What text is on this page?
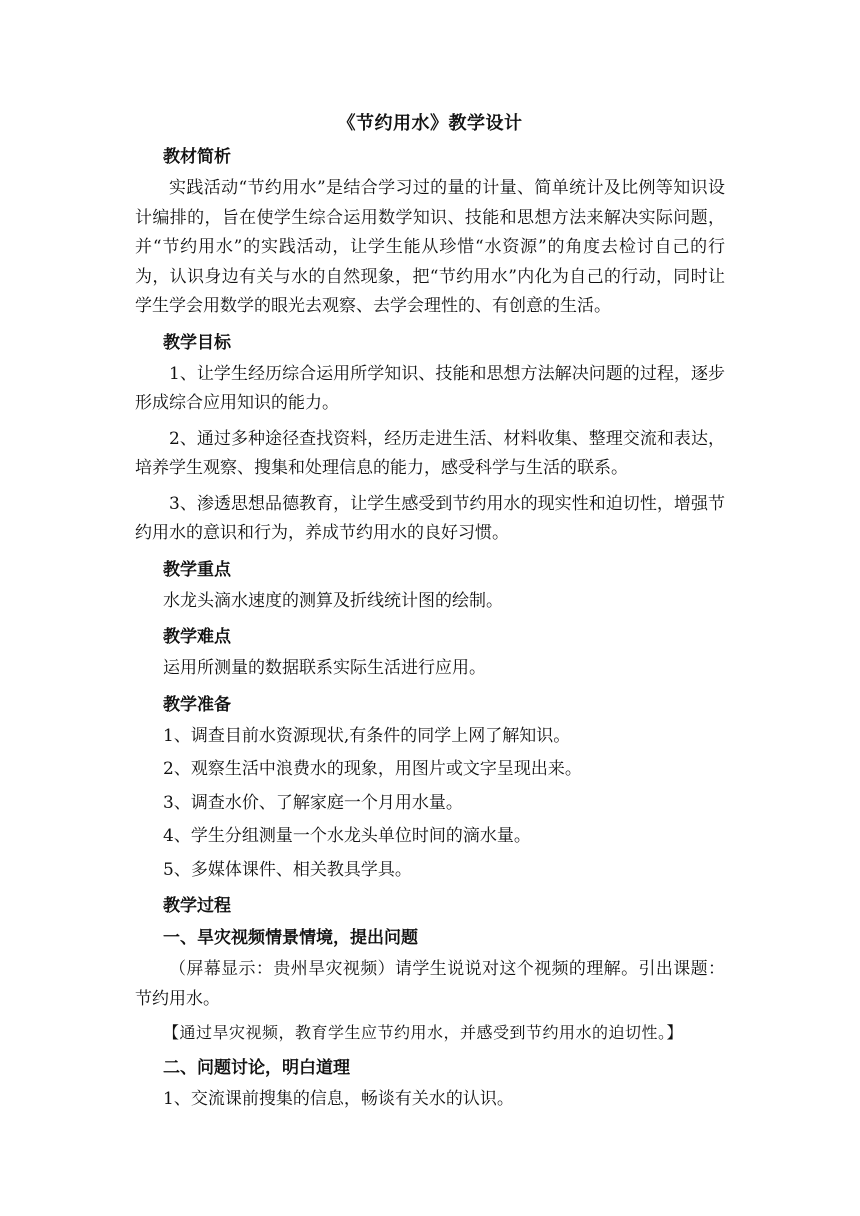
《节约用水》教学设计
教材简析

实践活动“节约用水”是结合学习过的量的计量、简单统计及比例等知识设计编排的，旨在使学生综合运用数学知识、技能和思想方法来解决实际问题，并“节约用水”的实践活动，让学生能从珍惜“水资源”的角度去检讨自己的行为，认识身边有关与水的自然现象，把“节约用水”内化为自己的行动，同时让学生学会用数学的眼光去观察、去学会理性的、有创意的生活。

教学目标

1、让学生经历综合运用所学知识、技能和思想方法解决问题的过程，逐步形成综合应用知识的能力。

2、通过多种途径查找资料，经历走进生活、材料收集、整理交流和表达，培养学生观察、搜集和处理信息的能力，感受科学与生活的联系。

3、渗透思想品德教育，让学生感受到节约用水的现实性和迫切性，增强节约用水的意识和行为，养成节约用水的良好习惯。

教学重点

水龙头滴水速度的测算及折线统计图的绘制。

教学难点

运用所测量的数据联系实际生活进行应用。

教学准备

1、调查目前水资源现状,有条件的同学上网了解知识。

2、观察生活中浪费水的现象，用图片或文字呈现出来。

3、调查水价、了解家庭一个月用水量。

4、学生分组测量一个水龙头单位时间的滴水量。

5、多媒体课件、相关教具学具。

教学过程
一、旱灾视频情景情境，提出问题

（屏幕显示：贵州旱灾视频）请学生说说对这个视频的理解。引出课题：节约用水。

【通过旱灾视频，教育学生应节约用水，并感受到节约用水的迫切性。】
二、问题讨论，明白道理

1、交流课前搜集的信息，畅谈有关水的认识。
